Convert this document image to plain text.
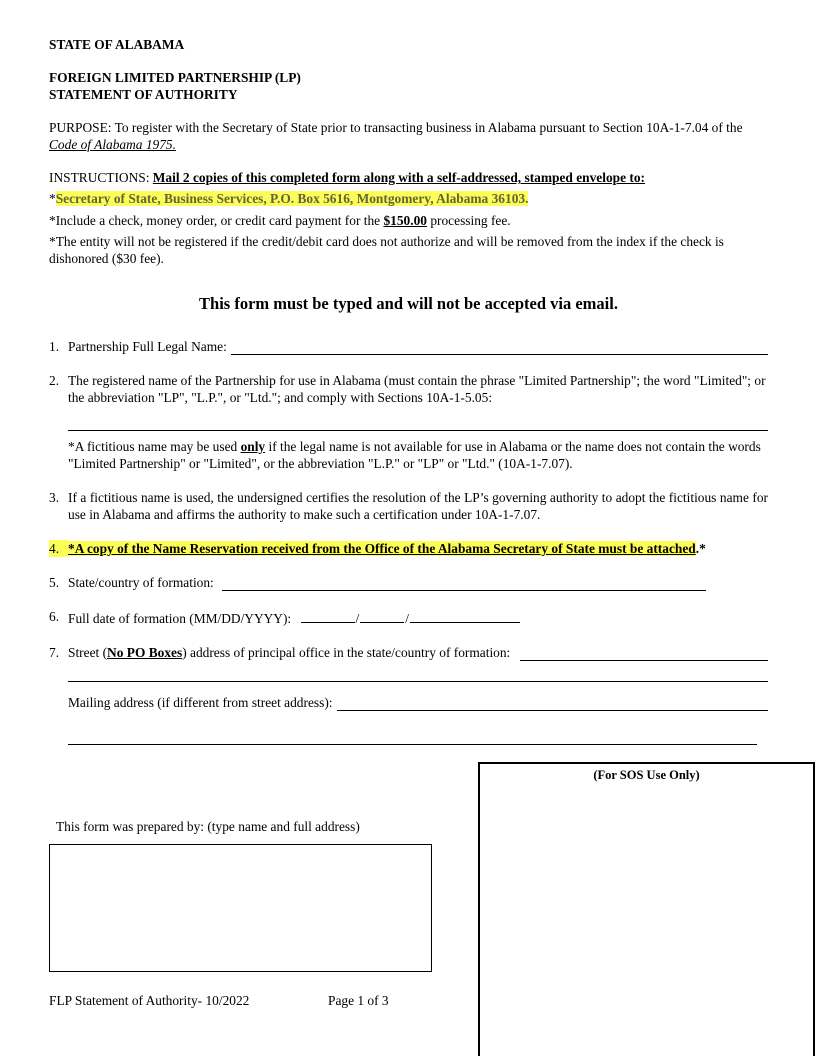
STATE OF ALABAMA
FOREIGN LIMITED PARTNERSHIP (LP)
STATEMENT OF AUTHORITY
PURPOSE: To register with the Secretary of State prior to transacting business in Alabama pursuant to Section 10A-1-7.04 of the Code of Alabama 1975.

INSTRUCTIONS: Mail 2 copies of this completed form along with a self-addressed, stamped envelope to:

*Secretary of State, Business Services, P.O. Box 5616, Montgomery, Alabama 36103.

*Include a check, money order, or credit card payment for the $150.00 processing fee.

*The entity will not be registered if the credit/debit card does not authorize and will be removed from the index if the check is dishonored ($30 fee).

This form must be typed and will not be accepted via email.
1. Partnership Full Legal Name:
2. The registered name of the Partnership for use in Alabama (must contain the phrase "Limited Partnership"; the word "Limited"; or the abbreviation "LP", "L.P.", or "Ltd."; and comply with Sections 10A-1-5.05:
*A fictitious name may be used only if the legal name is not available for use in Alabama or the name does not contain the words "Limited Partnership" or "Limited", or the abbreviation "L.P." or "LP" or "Ltd." (10A-1-7.07).
3. If a fictitious name is used, the undersigned certifies the resolution of the LP’s governing authority to adopt the fictitious name for use in Alabama and affirms the authority to make such a certification under 10A-1-7.07.
4. *A copy of the Name Reservation received from the Office of the Alabama Secretary of State must be attached.*
5. State/country of formation:
6. Full date of formation (MM/DD/YYYY):	/	/
7. Street (No PO Boxes) address of principal office in the state/country of formation:
Mailing address (if different from street address):
(For SOS Use Only)
This form was prepared by: (type name and full address)
FLP Statement of Authority- 10/2022	Page 1 of 3
